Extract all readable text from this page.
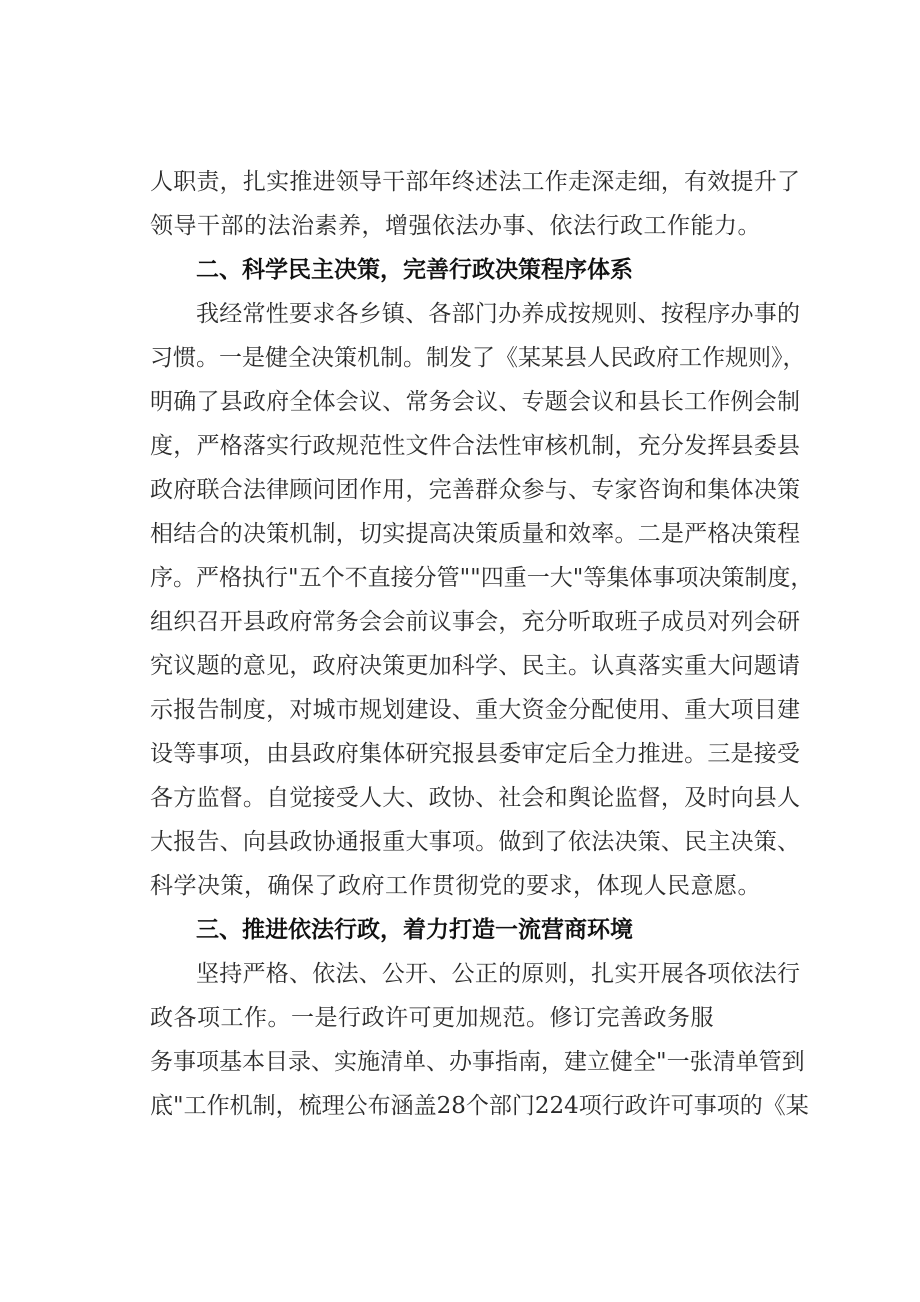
人职责，扎实推进领导干部年终述法工作走深走细，有效提升了
领导干部的法治素养，增强依法办事、依法行政工作能力。
二、科学民主决策，完善行政决策程序体系
我经常性要求各乡镇、各部门办养成按规则、按程序办事的
习惯。一是健全决策机制。制发了《某某县人民政府工作规则》，
明确了县政府全体会议、常务会议、专题会议和县长工作例会制
度，严格落实行政规范性文件合法性审核机制，充分发挥县委县
政府联合法律顾问团作用，完善群众参与、专家咨询和集体决策
相结合的决策机制，切实提高决策质量和效率。二是严格决策程
序。严格执行"五个不直接分管""四重一大"等集体事项决策制度，
组织召开县政府常务会会前议事会，充分听取班子成员对列会研
究议题的意见，政府决策更加科学、民主。认真落实重大问题请
示报告制度，对城市规划建设、重大资金分配使用、重大项目建
设等事项，由县政府集体研究报县委审定后全力推进。三是接受
各方监督。自觉接受人大、政协、社会和舆论监督，及时向县人
大报告、向县政协通报重大事项。做到了依法决策、民主决策、
科学决策，确保了政府工作贯彻党的要求，体现人民意愿。
三、推进依法行政，着力打造一流营商环境
坚持严格、依法、公开、公正的原则，扎实开展各项依法行
政各项工作。一是行政许可更加规范。修订完善政务服
务事项基本目录、实施清单、办事指南，建立健全"一张清单管到
底"工作机制，梳理公布涵盖28个部门224项行政许可事项的《某
